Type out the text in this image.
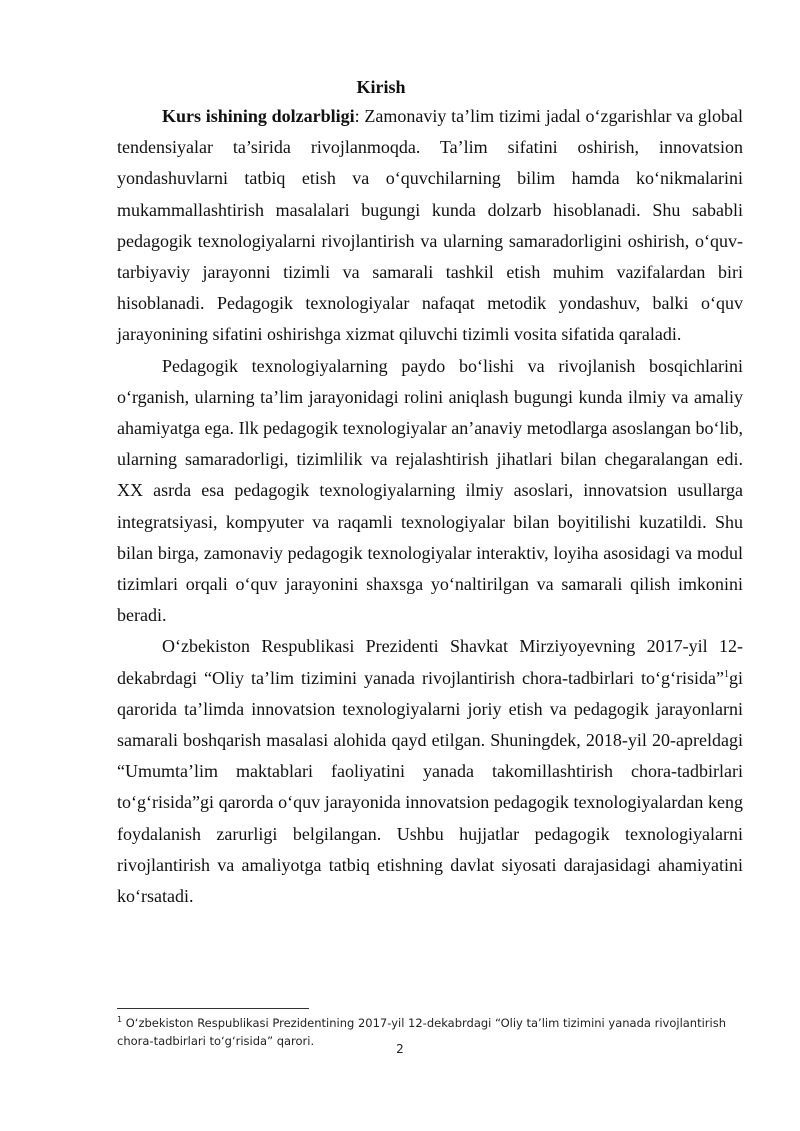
Kirish

Kurs ishining dolzarbligi: Zamonaviy ta’lim tizimi jadal o‘zgarishlar va global tendensiyalar ta’sirida rivojlanmoqda. Ta’lim sifatini oshirish, innovatsion yondashuvlarni tatbiq etish va o‘quvchilarning bilim hamda ko‘nikmalarini mukammallashtirish masalalari bugungi kunda dolzarb hisoblanadi. Shu sababli pedagogik texnologiyalarni rivojlantirish va ularning samaradorligini oshirish, o‘quv-tarbiyaviy jarayonni tizimli va samarali tashkil etish muhim vazifalardan biri hisoblanadi. Pedagogik texnologiyalar nafaqat metodik yondashuv, balki o‘quv jarayonining sifatini oshirishga xizmat qiluvchi tizimli vosita sifatida qaraladi.

Pedagogik texnologiyalarning paydo bo‘lishi va rivojlanish bosqichlarini o‘rganish, ularning ta’lim jarayonidagi rolini aniqlash bugungi kunda ilmiy va amaliy ahamiyatga ega. Ilk pedagogik texnologiyalar an’anaviy metodlarga asoslangan bo‘lib, ularning samaradorligi, tizimlilik va rejalashtirish jihatlari bilan chegaralangan edi. XX asrda esa pedagogik texnologiyalarning ilmiy asoslari, innovatsion usullarga integratsiyasi, kompyuter va raqamli texnologiyalar bilan boyitilishi kuzatildi. Shu bilan birga, zamonaviy pedagogik texnologiyalar interaktiv, loyiha asosidagi va modul tizimlari orqali o‘quv jarayonini shaxsga yo‘naltirilgan va samarali qilish imkonini beradi.

O‘zbekiston Respublikasi Prezidenti Shavkat Mirziyoyevning 2017-yil 12-dekabrdagi “Oliy ta’lim tizimini yanada rivojlantirish chora-tadbirlari to‘g‘risida”$^1$gi qarorida ta’limda innovatsion texnologiyalarni joriy etish va pedagogik jarayonlarni samarali boshqarish masalasi alohida qayd etilgan. Shuningdek, 2018-yil 20-apreldagi “Umumta’lim maktablari faoliyatini yanada takomillashtirish chora-tadbirlari to‘g‘risida”gi qarorda o‘quv jarayonida innovatsion pedagogik texnologiyalardan keng foydalanish zarurligi belgilangan. Ushbu hujjatlar pedagogik texnologiyalarni rivojlantirish va amaliyotga tatbiq etishning davlat siyosati darajasidagi ahamiyatini ko‘rsatadi.

$^1$ O‘zbekiston Respublikasi Prezidentining 2017-yil 12-dekabrdagi “Oliy ta’lim tizimini yanada rivojlantirish chora-tadbirlari to‘g‘risida” qarori.
2
